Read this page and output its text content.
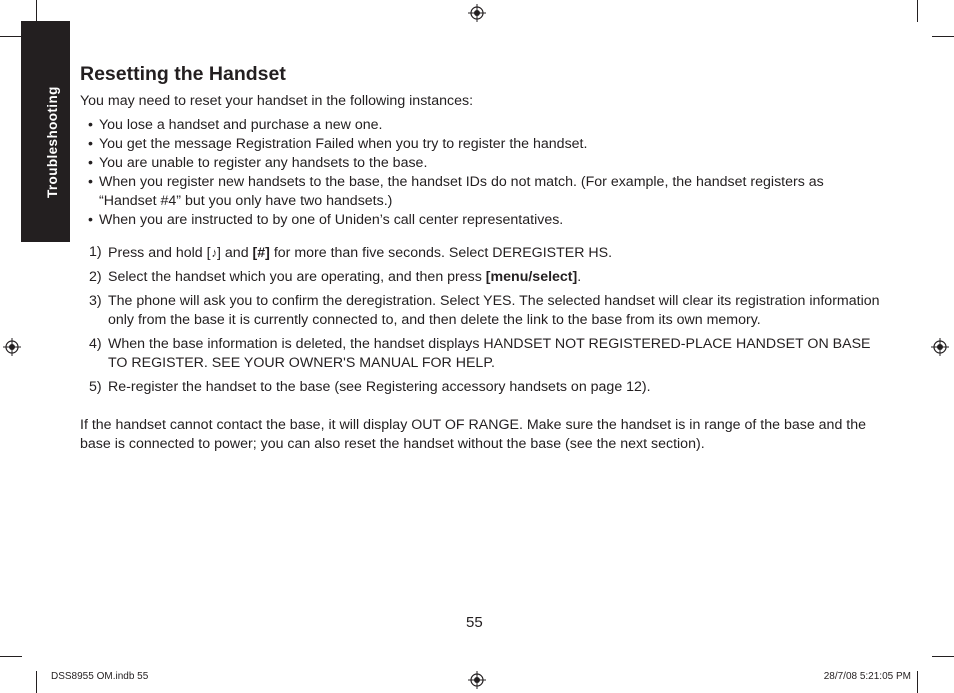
Troubleshooting
Resetting the Handset

You may need to reset your handset in the following instances:

• You lose a handset and purchase a new one.
• You get the message Registration Failed when you try to register the handset.
• You are unable to register any handsets to the base.
• When you register new handsets to the base, the handset IDs do not match. (For example, the handset registers as “Handset #4” but you only have two handsets.)
• When you are instructed to by one of Uniden’s call center representatives.
1) Press and hold [♪] and [#] for more than five seconds. Select DEREGISTER HS.
2) Select the handset which you are operating, and then press [menu/select].
3) The phone will ask you to confirm the deregistration. Select YES. The selected handset will clear its registration information only from the base it is currently connected to, and then delete the link to the base from its own memory.
4) When the base information is deleted, the handset displays HANDSET NOT REGISTERED-PLACE HANDSET ON BASE TO REGISTER. SEE YOUR OWNER'S MANUAL FOR HELP.
5) Re-register the handset to the base (see Registering accessory handsets on page 12).

If the handset cannot contact the base, it will display OUT OF RANGE. Make sure the handset is in range of the base and the base is connected to power; you can also reset the handset without the base (see the next section).

55
DSS8955 OM.indb 55	28/7/08 5:21:05 PM
